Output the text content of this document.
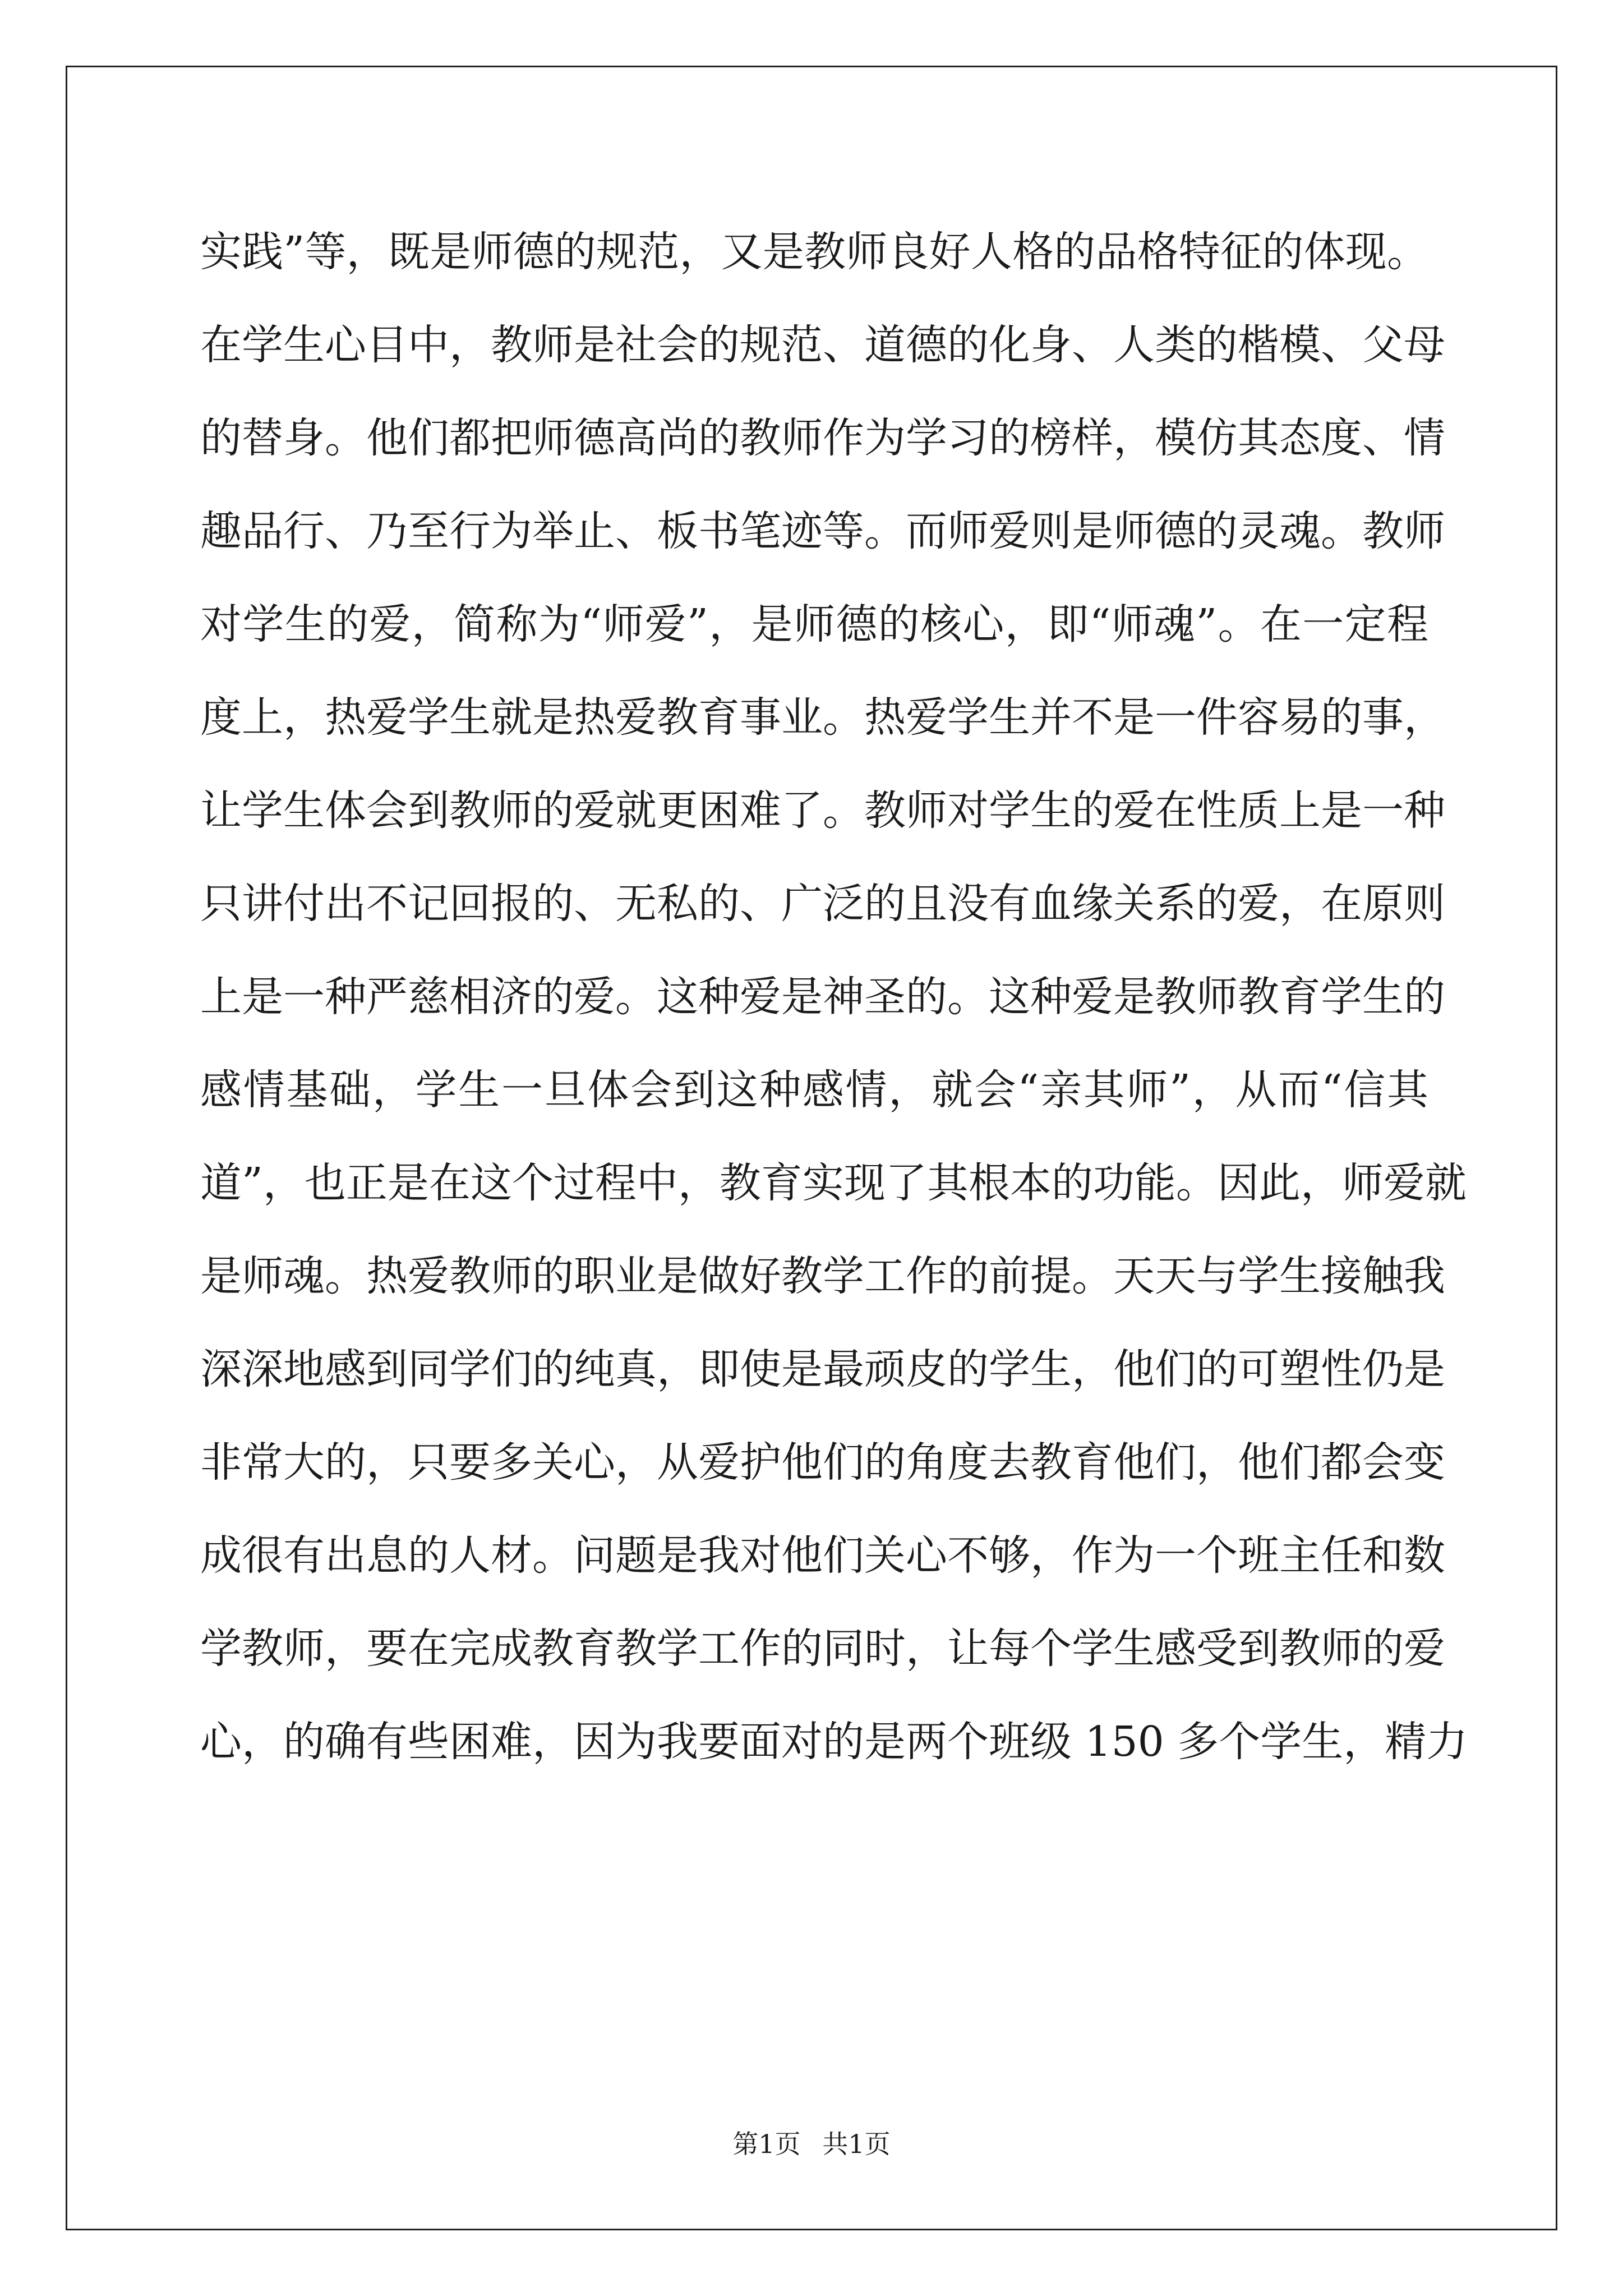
实践”等，既是师德的规范，又是教师良好人格的品格特征的体现。
在学生心目中，教师是社会的规范、道德的化身、人类的楷模、父母
的替身。他们都把师德高尚的教师作为学习的榜样，模仿其态度、情
趣品行、乃至行为举止、板书笔迹等。而师爱则是师德的灵魂。教师
对学生的爱，简称为“师爱”，是师德的核心，即“师魂”。在一定程
度上，热爱学生就是热爱教育事业。热爱学生并不是一件容易的事，
让学生体会到教师的爱就更困难了。教师对学生的爱在性质上是一种
只讲付出不记回报的、无私的、广泛的且没有血缘关系的爱，在原则
上是一种严慈相济的爱。这种爱是神圣的。这种爱是教师教育学生的
感情基础，学生一旦体会到这种感情，就会“亲其师”，从而“信其
道”，也正是在这个过程中，教育实现了其根本的功能。因此，师爱就
是师魂。热爱教师的职业是做好教学工作的前提。天天与学生接触我
深深地感到同学们的纯真，即使是最顽皮的学生，他们的可塑性仍是
非常大的，只要多关心，从爱护他们的角度去教育他们，他们都会变
成很有出息的人材。问题是我对他们关心不够，作为一个班主任和数
学教师，要在完成教育教学工作的同时，让每个学生感受到教师的爱
心，的确有些困难，因为我要面对的是两个班级 150 多个学生，精力
第1页 共1页
